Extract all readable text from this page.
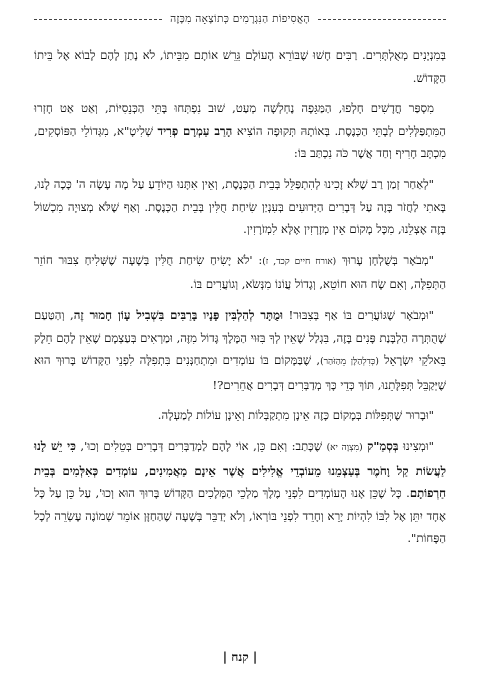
הָאֲסִיפוֹת הַנִּגְרָמִים כְּתוֹצָאָה מִכָּזֶה

בְּמִנְיָנִים מְאֻלְתָּרִים. רַבִּים חָשׁוּ שֶׁבּוֹרֵא הָעוֹלָם גֵּרֵשׁ אוֹתָם מִבֵּיתוֹ, לֹא נָתַן לָהֶם לָבוֹא אֶל בֵּיתוֹ הַקָּדוֹשׁ.

מִסְפַּר חֳדָשִׁים חָלְפוּ, הַמַּגֵּפָה נֶחְלְשָׁה מְעַט, שׁוּב נִפְתְּחוּ בָּתֵּי הַכְּנֵסִיּוֹת, וְאַט אַט חָזְרוּ הַמִּתְפַּלְּלִים לְבָתֵּי הַכְּנֶסֶת. בְּאוֹתָהּ תְּקוּפָה הוֹצִיא הָרַב עַמְרָם פְרִיד שְׁלִיטָ"א, מִגְּדוֹלֵי הַפּוֹסְקִים, מִכְתָּב חָרִיף וְחַד אֲשֶׁר כֹּה נִכְתַּב בּוֹ:

"לְאַחַר זְמַן רַב שֶׁלֹּא זָכִינוּ לְהִתְפַּלֵּל בְּבֵית הַכְּנֶסֶת, וְאֵין אִתָּנוּ הַיּוֹדֵעַ עַל מָה עָשָׂה ה' כָּכָה לָנוּ, בָּאתִי לַחֲזֹר בָּזֶה עַל דְּבָרִים הַיְּדוּעִים בְּעִנְיַן שִׂיחַת חֻלִּין בְּבֵית הַכְּנֶסֶת. וְאַף שֶׁלֹּא מְצוּיָה מִכְשׁוֹל בָּזֶה אֶצְלֵנוּ, מִכָּל מָקוֹם אֵין מְזָרְזִין אֶלָּא לִמְזֹרָזִין.

"מְבֹאָר בְּשֻׁלְחָן עָרוּךְ (אורח חיים קכד, ז): 'לֹא יָשִׂיחַ שִׂיחַת חֻלִּין בְּשָׁעָה שֶׁשְּׁלִיחַ צִבּוּר חוֹזֵר הַתְּפִלָּה, וְאִם שָׂח הוּא חוֹטֵא, וְגָדוֹל עֲוֹנוֹ מִנְּשֹׂא, וְגוֹעֲרִים בּוֹ.

"וּמְבֹאָר שֶׁגּוֹעֲרִים בּוֹ אַף בְּצִבּוּר! וּמֻתָּר לְהַלְבִּין פָּנָיו בָּרַבִּים בִּשְׁבִיל עָוֹן חָמוּר זֶה, וְהַטַּעַם שֶׁהֻתְּרָה הַלְבָּנַת פָּנִים בָּזֶה, בִּגְלַל שֶׁאֵין לְךָ בִּזּוּי הַמֶּלֶךְ גָּדוֹל מִזֶּה, וּמַרְאִים בְּעַצְמָם שֶׁאֵין לָהֶם חֵלֶק בֵּאלֹקֵי יִשְׂרָאֵל (כְּדִלְהַלָּן מֵהַזֹּהַר), שֶׁבַּמָּקוֹם בּוֹ עוֹמְדִים וּמִתְחַנְּנִים בִּתְפִלָּה לִפְנֵי הַקָּדוֹשׁ בָּרוּךְ הוּא שֶׁיְּקַבֵּל תְּפִלָּתֵנוּ, תּוֹךְ כְּדֵי כָּךְ מְדַבְּרִים דְּבָרִים אֲחֵרִים?!

"וּבָרוּר שֶׁתְּפִלּוֹת בְּמָקוֹם כָּזֶה אֵינָן מִתְקַבְּלוֹת וְאֵינָן עוֹלוֹת לְמַעְלָה.

"וּמְצִינוּ בְּסְמַ"ק (מִצְוָה יא) שֶׁכָּתַב: וְאִם כֵּן, אוֹי לָהֶם לַמְדַבְּרִים דְּבָרִים בְּטֵלִים וְכוּ', כִּי יֵשׁ לָנוּ לַעֲשׂוֹת קַל וָחֹמֶר בְּעַצְמֵנוּ מֵעוֹבְדֵי אֱלִילִים אֲשֶׁר אֵינָם מַאֲמִינִים, עוֹמְדִים כְּאִלְּמִים בְּבֵית חַרְפוֹתָם. כָּל שֶׁכֵּן אָנוּ הָעוֹמְדִים לִפְנֵי מֶלֶךְ מַלְכֵי הַמְּלָכִים הַקָּדוֹשׁ בָּרוּךְ הוּא וְכוּ', עַל כֵּן עַל כָּל אֶחָד יִתֵּן אֶל לִבּוֹ לִהְיוֹת יָרֵא וְחָרֵד לִפְנֵי בּוֹרְאוֹ, וְלֹא יְדַבֵּר בְּשָׁעָה שֶׁהַחַזָּן אוֹמֵר שְׁמוֹנֶה עֶשְׂרֵה לְכָל הַפָּחוֹת".

| קנח |
